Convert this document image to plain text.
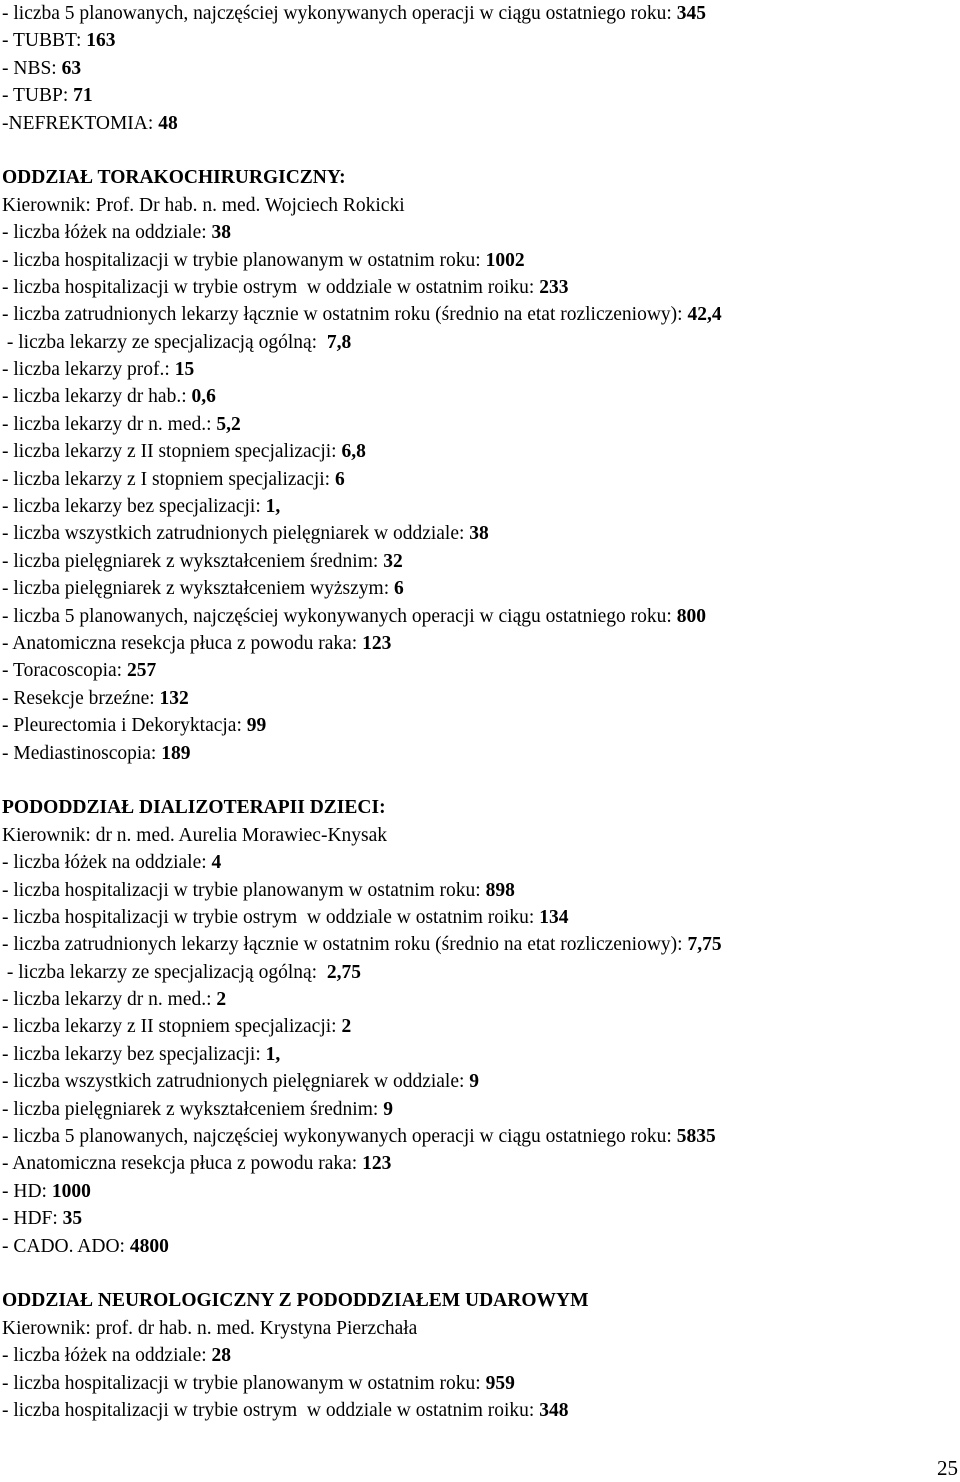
- liczba 5 planowanych, najczęściej wykonywanych operacji w ciągu ostatniego roku: 345
- TUBBT: 163
- NBS: 63
- TUBP: 71
-NEFREKTOMIA: 48
ODDZIAŁ TORAKOCHIRURGICZNY:
Kierownik: Prof. Dr hab. n. med. Wojciech Rokicki
- liczba łóżek na oddziale: 38
- liczba hospitalizacji w trybie planowanym w ostatnim roku: 1002
- liczba hospitalizacji w trybie ostrym  w oddziale w ostatnim roiku: 233
- liczba zatrudnionych lekarzy łącznie w ostatnim roku (średnio na etat rozliczeniowy): 42,4
- liczba lekarzy ze specjalizacją ogólną:  7,8
- liczba lekarzy prof.: 15
- liczba lekarzy dr hab.: 0,6
- liczba lekarzy dr n. med.: 5,2
- liczba lekarzy z II stopniem specjalizacji: 6,8
- liczba lekarzy z I stopniem specjalizacji: 6
- liczba lekarzy bez specjalizacji: 1,
- liczba wszystkich zatrudnionych pielęgniarek w oddziale: 38
- liczba pielęgniarek z wykształceniem średnim: 32
- liczba pielęgniarek z wykształceniem wyższym: 6
- liczba 5 planowanych, najczęściej wykonywanych operacji w ciągu ostatniego roku: 800
- Anatomiczna resekcja płuca z powodu raka: 123
- Toracoscopia: 257
- Resekcje brzeźne: 132
- Pleurectomia i Dekoryktacja: 99
- Mediastinoscopia: 189
PODODDZIAŁ DIALIZOTERAPII DZIECI:
Kierownik: dr n. med. Aurelia Morawiec-Knysak
- liczba łóżek na oddziale: 4
- liczba hospitalizacji w trybie planowanym w ostatnim roku: 898
- liczba hospitalizacji w trybie ostrym  w oddziale w ostatnim roiku: 134
- liczba zatrudnionych lekarzy łącznie w ostatnim roku (średnio na etat rozliczeniowy): 7,75
- liczba lekarzy ze specjalizacją ogólną:  2,75
- liczba lekarzy dr n. med.: 2
- liczba lekarzy z II stopniem specjalizacji: 2
- liczba lekarzy bez specjalizacji: 1,
- liczba wszystkich zatrudnionych pielęgniarek w oddziale: 9
- liczba pielęgniarek z wykształceniem średnim: 9
- liczba 5 planowanych, najczęściej wykonywanych operacji w ciągu ostatniego roku: 5835
- Anatomiczna resekcja płuca z powodu raka: 123
- HD: 1000
- HDF: 35
- CADO. ADO: 4800
ODDZIAŁ NEUROLOGICZNY Z PODODDZIAŁEM UDAROWYM
Kierownik: prof. dr hab. n. med. Krystyna Pierzchała
- liczba łóżek na oddziale: 28
- liczba hospitalizacji w trybie planowanym w ostatnim roku: 959
- liczba hospitalizacji w trybie ostrym  w oddziale w ostatnim roiku: 348
25
